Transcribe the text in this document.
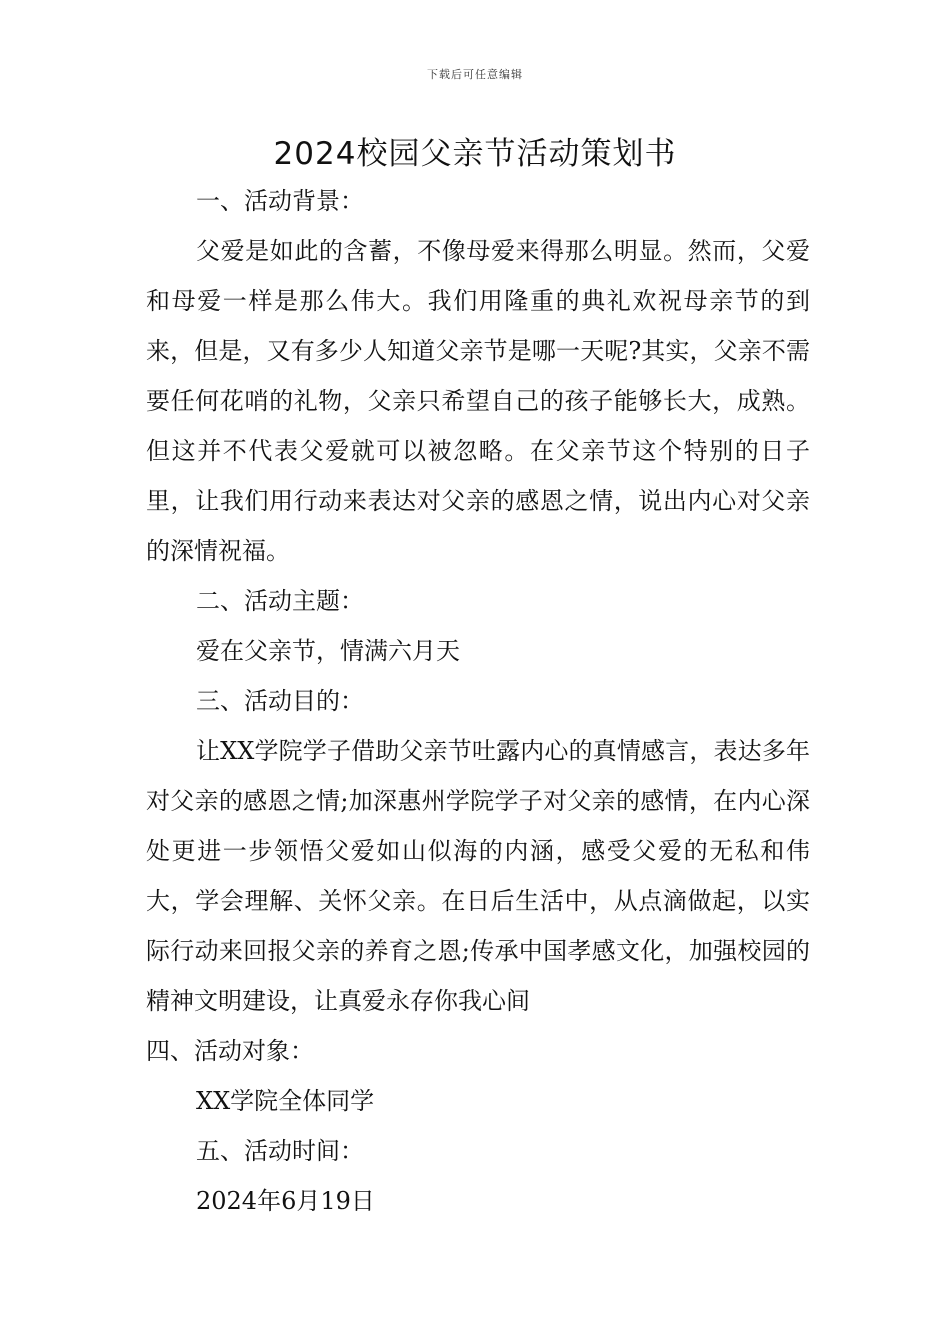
下载后可任意编辑
2024校园父亲节活动策划书

一、活动背景：

父爱是如此的含蓄，不像母爱来得那么明显。然而，父爱和母爱一样是那么伟大。我们用隆重的典礼欢祝母亲节的到来，但是，又有多少人知道父亲节是哪一天呢?其实，父亲不需要任何花哨的礼物，父亲只希望自己的孩子能够长大，成熟。但这并不代表父爱就可以被忽略。在父亲节这个特别的日子里，让我们用行动来表达对父亲的感恩之情，说出内心对父亲的深情祝福。

二、活动主题：

爱在父亲节，情满六月天

三、活动目的：

让XX学院学子借助父亲节吐露内心的真情感言，表达多年对父亲的感恩之情;加深惠州学院学子对父亲的感情，在内心深处更进一步领悟父爱如山似海的内涵，感受父爱的无私和伟大，学会理解、关怀父亲。在日后生活中，从点滴做起，以实际行动来回报父亲的养育之恩;传承中国孝感文化，加强校园的精神文明建设，让真爱永存你我心间

四、活动对象：

XX学院全体同学

五、活动时间：

2024年6月19日
